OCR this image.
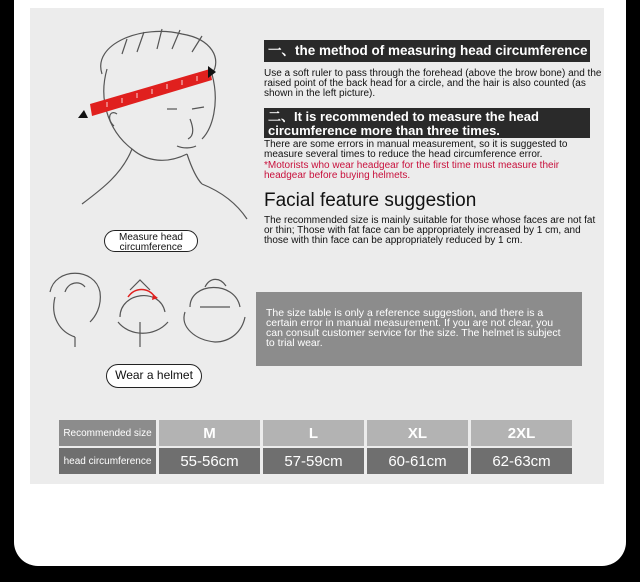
Measure head circumference
Wear a helmet
一、the method of measuring head circumference
Use a soft ruler to pass through the forehead (above the brow bone) and the raised point of the back head for a circle, and the hair is also counted (as shown in the left picture).
二、It is recommended to measure the head circumference more than three times.
There are some errors in manual measurement, so it is suggested to measure several times to reduce the head circumference error.
*Motorists who wear headgear for the first time must measure their headgear before buying helmets.
Facial feature suggestion
The recommended size is mainly suitable for those whose faces are not fat or thin; Those with fat face can be appropriately increased by 1 cm, and those with thin face can be appropriately reduced by 1 cm.
The size table is only a reference suggestion, and there is a certain error in manual measurement. If you are not clear, you can consult customer service for the size. The helmet is subject to trial wear.
Recommended size	M	L	XL	2XL
head circumference	55-56cm	57-59cm	60-61cm	62-63cm
